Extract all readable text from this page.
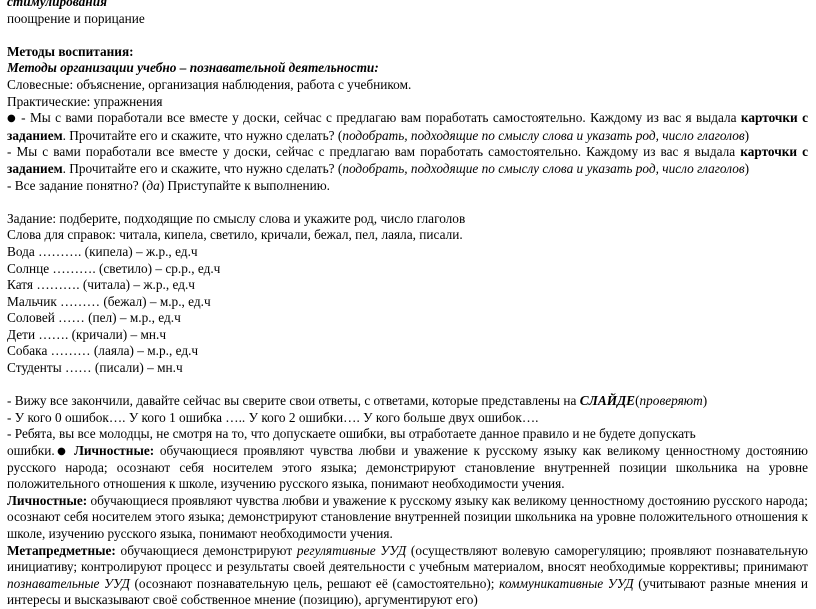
стимулирования
поощрение и порицание
Методы воспитания:
Методы организации учебно – познавательной деятельности:
Словесные: объяснение, организация наблюдения, работа с учебником.
Практические: упражнения
● - Мы с вами поработали все вместе у доски, сейчас с предлагаю вам поработать самостоятельно. Каждому из вас я выдала карточки с заданием. Прочитайте его и скажите, что нужно сделать? (подобрать, подходящие по смыслу слова и указать род, число глаголов)
- Мы с вами поработали все вместе у доски, сейчас с предлагаю вам поработать самостоятельно. Каждому из вас я выдала карточки с заданием. Прочитайте его и скажите, что нужно сделать? (подобрать, подходящие по смыслу слова и указать род, число глаголов)
- Все задание понятно? (да) Приступайте к выполнению.
Задание: подберите, подходящие по смыслу слова и укажите род, число глаголов
Слова для справок: читала, кипела, светило, кричали, бежал, пел, лаяла, писали.
Вода ………. (кипела) – ж.р., ед.ч
Солнце ………. (светило) – ср.р., ед.ч
Катя ………. (читала) – ж.р., ед.ч
Мальчик ……… (бежал) – м.р., ед.ч
Соловей …… (пел) – м.р., ед.ч
Дети ……. (кричали) – мн.ч
Собака ……… (лаяла) – м.р., ед.ч
Студенты …… (писали) – мн.ч
- Вижу все закончили, давайте сейчас вы сверите свои ответы, с ответами, которые представлены на СЛАЙДЕ(проверяют)
- У кого 0 ошибок…. У кого 1 ошибка ….. У кого 2 ошибки…. У кого больше двух ошибок….
- Ребята, вы все молодцы, не смотря на то, что допускаете ошибки, вы отработаете данное правило и не будете допускать
ошибки.● Личностные: обучающиеся проявляют чувства любви и уважение к русскому языку как великому ценностному достоянию
русского народа; осознают себя носителем этого языка; демонстрируют становление внутренней позиции школьника на уровне
положительного отношения к школе, изучению русского языка, понимают необходимости учения.
Личностные: обучающиеся проявляют чувства любви и уважение к русскому языку как великому ценностному достоянию русского народа; осознают себя носителем этого языка; демонстрируют становление внутренней позиции школьника на уровне положительного отношения к школе, изучению русского языка, понимают необходимости учения.
Метапредметные: обучающиеся демонстрируют регулятивные УУД (осуществляют волевую саморегуляцию; проявляют познавательную инициативу; контролируют процесс и результаты своей деятельности с учебным материалом, вносят необходимые коррективы; принимают познавательные УУД (осознают познавательную цель, решают её (самостоятельно); коммуникативные УУД (учитывают разные мнения и интересы и высказывают своё собственное мнение (позицию), аргументируют его)
